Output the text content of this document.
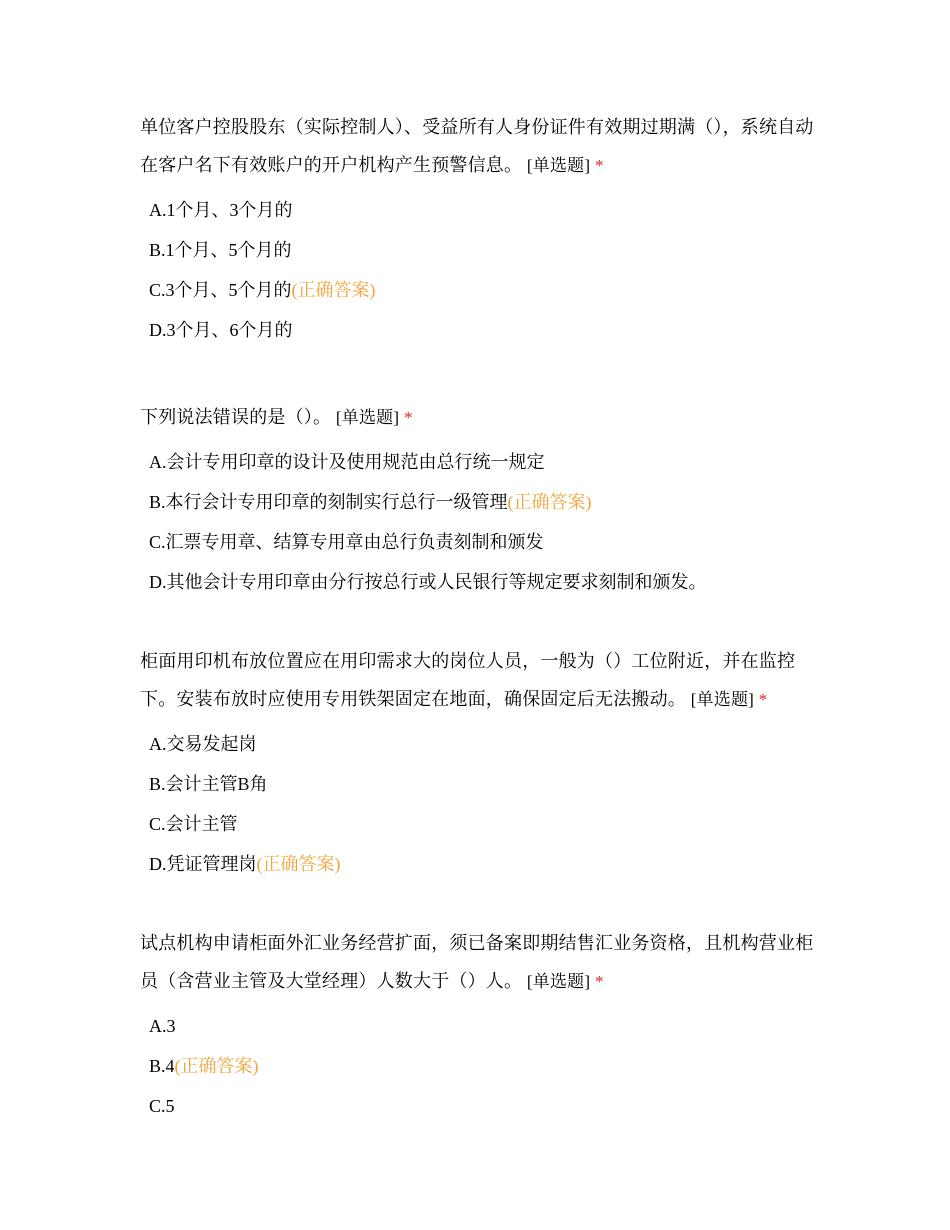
单位客户控股股东（实际控制人）、受益所有人身份证件有效期过期满（），系统自动在客户名下有效账户的开户机构产生预警信息。 [单选题] *
A.1个月、3个月的
B.1个月、5个月的
C.3个月、5个月的(正确答案)
D.3个月、6个月的
下列说法错误的是（）。 [单选题] *
A.会计专用印章的设计及使用规范由总行统一规定
B.本行会计专用印章的刻制实行总行一级管理(正确答案)
C.汇票专用章、结算专用章由总行负责刻制和颁发
D.其他会计专用印章由分行按总行或人民银行等规定要求刻制和颁发。
柜面用印机布放位置应在用印需求大的岗位人员，一般为（）工位附近，并在监控下。安装布放时应使用专用铁架固定在地面，确保固定后无法搬动。 [单选题] *
A.交易发起岗
B.会计主管B角
C.会计主管
D.凭证管理岗(正确答案)
试点机构申请柜面外汇业务经营扩面，须已备案即期结售汇业务资格，且机构营业柜员（含营业主管及大堂经理）人数大于（）人。 [单选题] *
A.3
B.4(正确答案)
C.5
